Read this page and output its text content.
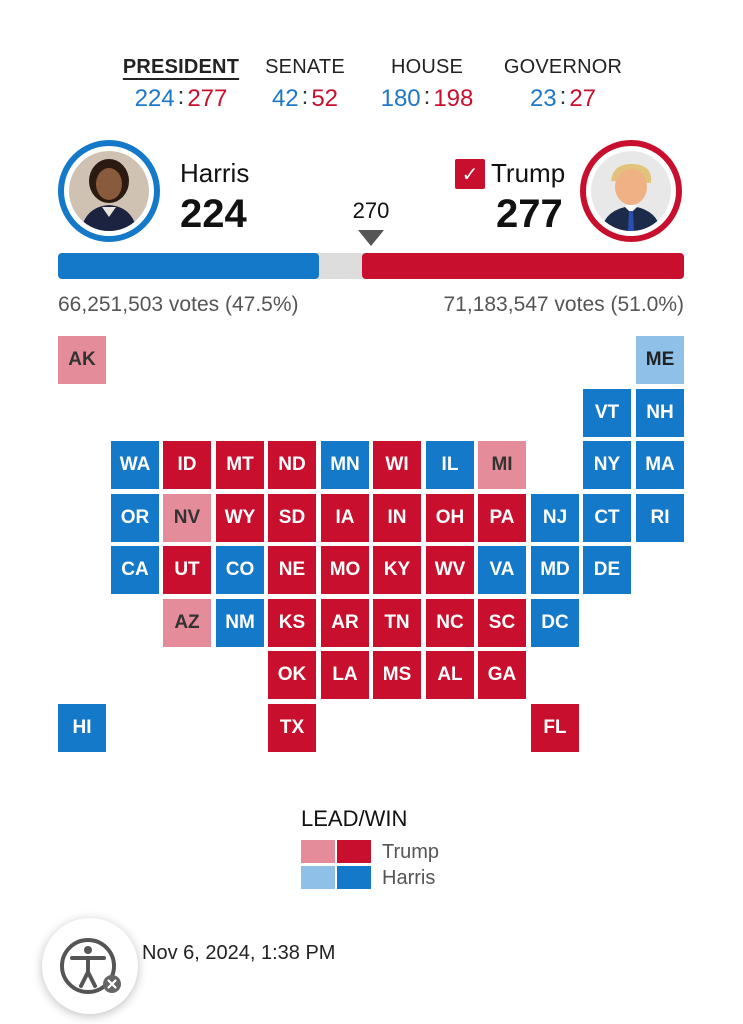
PRESIDENT
224 : 277
SENATE
42 : 52
HOUSE
180 : 198
GOVERNOR
23 : 27
Harris
224
✓ Trump
277
270
66,251,503 votes (47.5%)	71,183,547 votes (51.0%)
AK	ME
VT	NH
WA	ID	MT	ND	MN	WI	IL	MI	NY	MA
OR	NV	WY	SD	IA	IN	OH	PA	NJ	CT	RI
CA	UT	CO	NE	MO	KY	WV	VA	MD	DE
AZ	NM	KS	AR	TN	NC	SC	DC
OK	LA	MS	AL	GA
HI	TX	FL
LEAD/WIN
Trump
Harris
Nov 6, 2024, 1:38 PM
